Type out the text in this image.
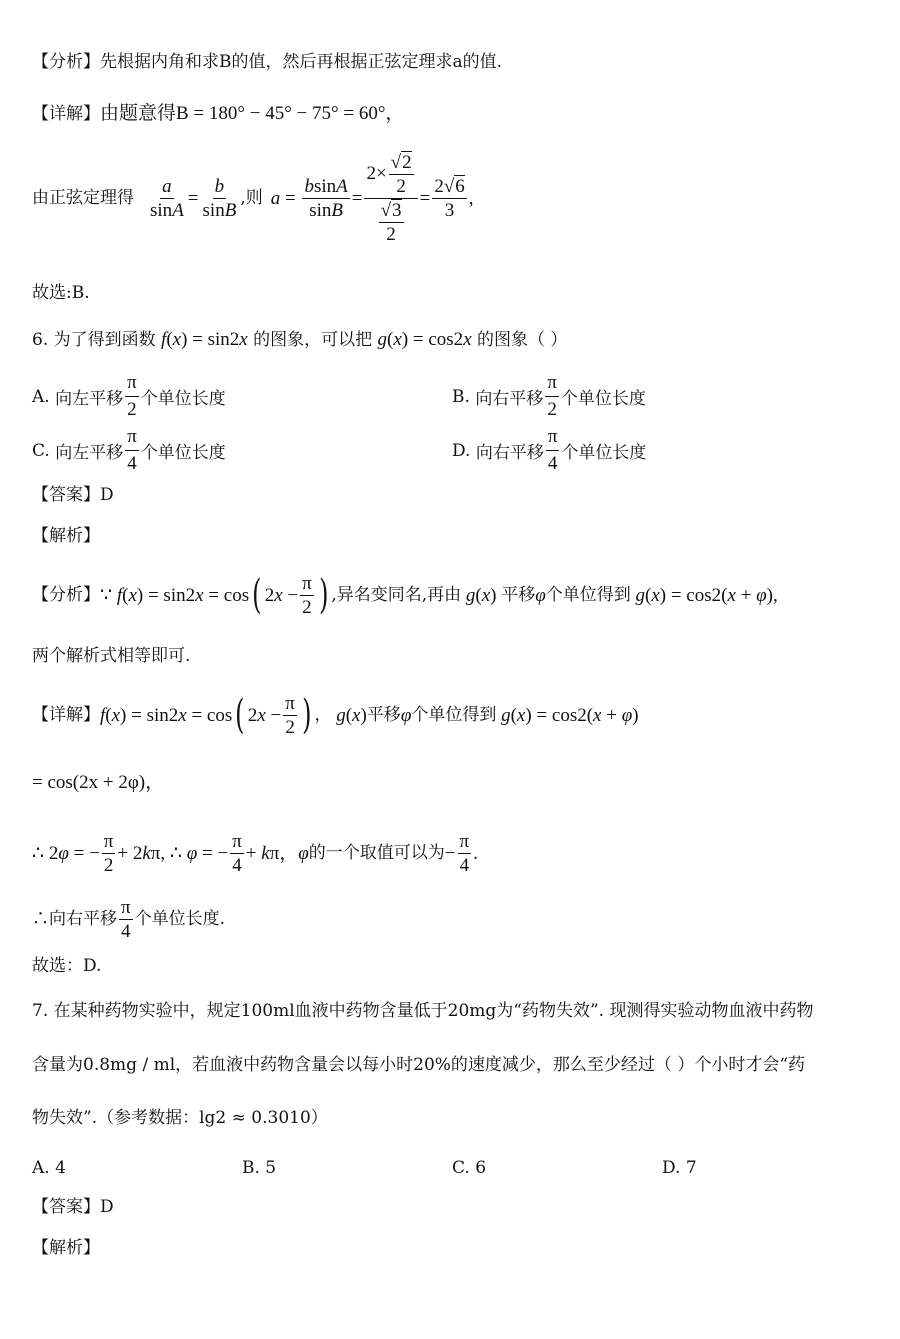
【分析】先根据内角和求B的值，然后再根据正弦定理求a的值.
【详解】由题意得B = 180° − 45° − 75° = 60°，
由正弦定理得 $\frac{a}{\sin A} = \frac{b}{\sin B}$ ,则 $a = \frac{bsinA}{\sin B} = \frac{2\times \frac{√2}{2}}{\frac{√3}{2}} = \frac{2√6}{3}$ ,
故选:B.
6. 为了得到函数 f(x) = sin2x 的图象，可以把 g(x) = cos2x 的图象（ ）
A.
向左平移 $\frac{\pi}{2}$ 个单位长度	B.
向右平移 $\frac{\pi}{2}$ 个单位长度
C.
向左平移 $\frac{\pi}{4}$ 个单位长度	D.
向右平移 $\frac{\pi}{4}$ 个单位长度
【答案】D
【解析】
【分析】 ∵ f(x) = sin2x = cos ( $2x - \frac{\pi}{2}$ ) ,异名变同名,再由 g(x) 平移 φ 个单位得到 g(x) = cos2(x + φ),
两个解析式相等即可.
【详解】 f(x) = sin2x = cos ( $2x - \frac{\pi}{2}$ ) ， g(x) 平移 φ 个单位得到 g(x) = cos2(x + φ)
= cos(2x + 2φ)，
∴ 2φ = − $\frac{\pi}{2} + 2k\pi$, ∴ φ = − $\frac{\pi}{4} + k\pi$，φ 的一个取值可以为 − $\frac{\pi}{4}$ .
∴向右平移 $\frac{\pi}{4}$ 个单位长度.
故选：D.
7. 在某种药物实验中，规定100ml血液中药物含量低于20mg为“药物失效”. 现测得实验动物血液中药物
含量为0.8mg / ml，若血液中药物含量会以每小时20%的速度减少，那么至少经过（ ）个小时才会“药
物失效”.（参考数据：lg2 ≈ 0.3010）
A. 4	B. 5	C. 6	D. 7
【答案】D
【解析】
